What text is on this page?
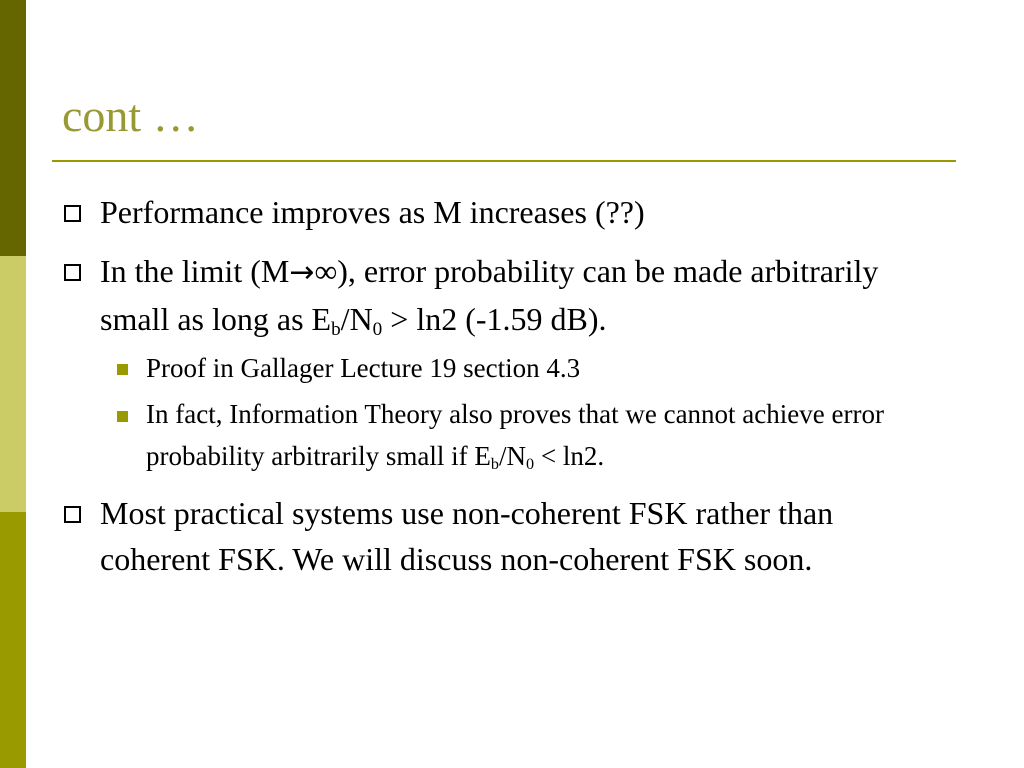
cont …
Performance improves as M increases (??)
In the limit (M→∞), error probability can be made arbitrarily small as long as $E_b/N_0 > \ln 2$ (-1.59 dB).
Proof in Gallager Lecture 19 section 4.3
In fact, Information Theory also proves that we cannot achieve error probability arbitrarily small if $E_b/N_0 < \ln 2$.
Most practical systems use non-coherent FSK rather than coherent FSK. We will discuss non-coherent FSK soon.
